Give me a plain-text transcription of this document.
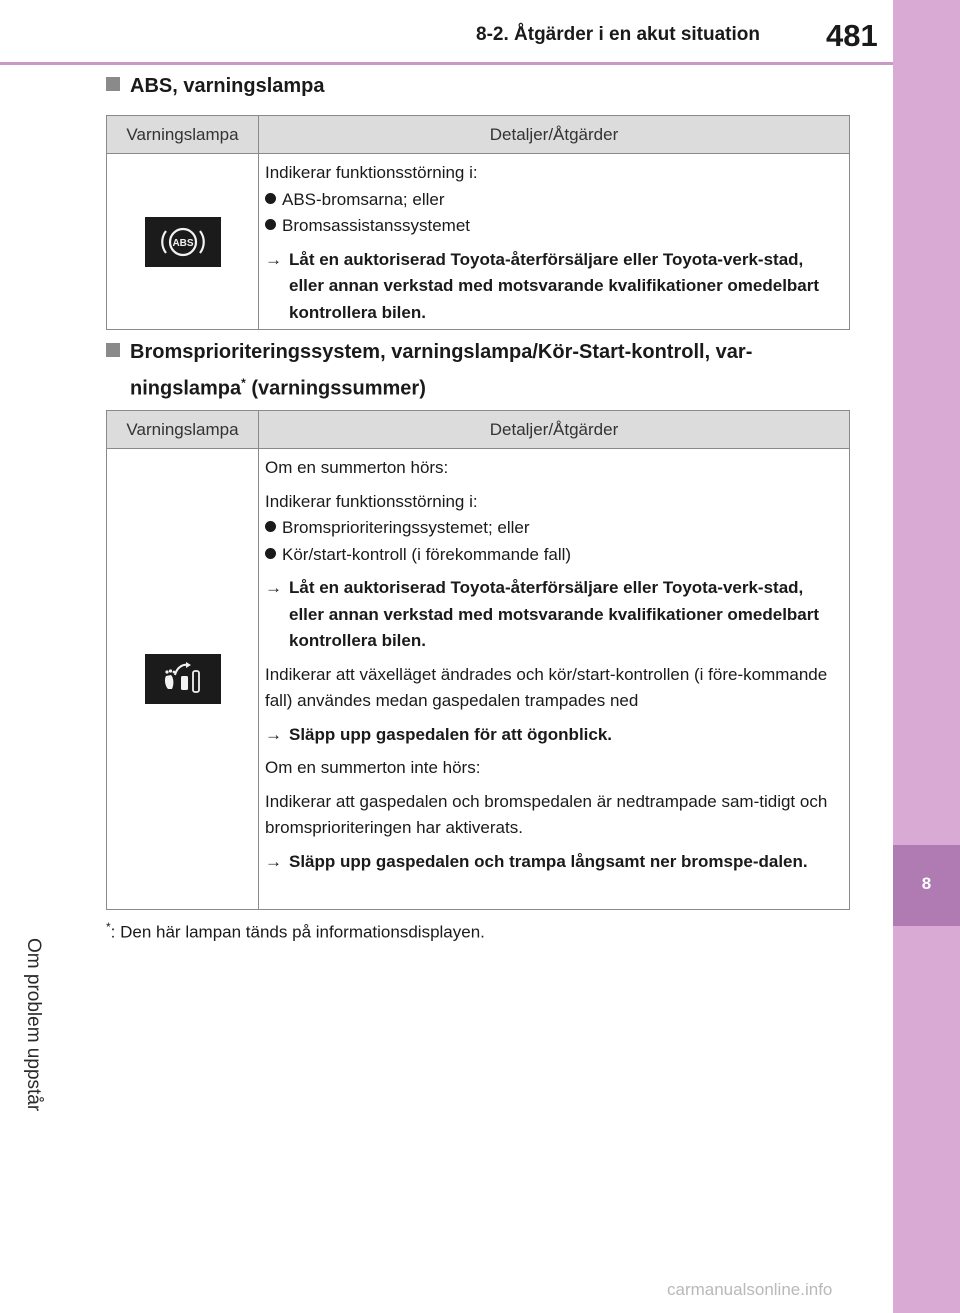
8-2. Åtgärder i en akut situation 481
8
Om problem uppstår
ABS, varningslampa
Varningslampa	Detaljer/Åtgärder
ABS

Indikerar funktionsstörning i:

ABS-bromsarna; eller

Bromsassistanssystemet

→ Låt en auktoriserad Toyota-återförsäljare eller Toyota-verk-stad, eller annan verkstad med motsvarande kvalifikationer omedelbart kontrollera bilen.

Bromsprioriteringssystem, varningslampa/Kör-Start-kontroll, var-
ningslampa* (varningssummer)
Varningslampa	Detaljer/Åtgärder

Om en summerton hörs:

Indikerar funktionsstörning i:

Bromsprioriteringssystemet; eller

Kör/start-kontroll (i förekommande fall)

→ Låt en auktoriserad Toyota-återförsäljare eller Toyota-verk-stad, eller annan verkstad med motsvarande kvalifikationer omedelbart kontrollera bilen.

Indikerar att växelläget ändrades och kör/start-kontrollen (i före-kommande fall) användes medan gaspedalen trampades ned

→ Släpp upp gaspedalen för att ögonblick.

Om en summerton inte hörs:

Indikerar att gaspedalen och bromspedalen är nedtrampade sam-tidigt och bromsprioriteringen har aktiverats.

→ Släpp upp gaspedalen och trampa långsamt ner bromspe-dalen.

*: Den här lampan tänds på informationsdisplayen.
carmanualsonline.info
